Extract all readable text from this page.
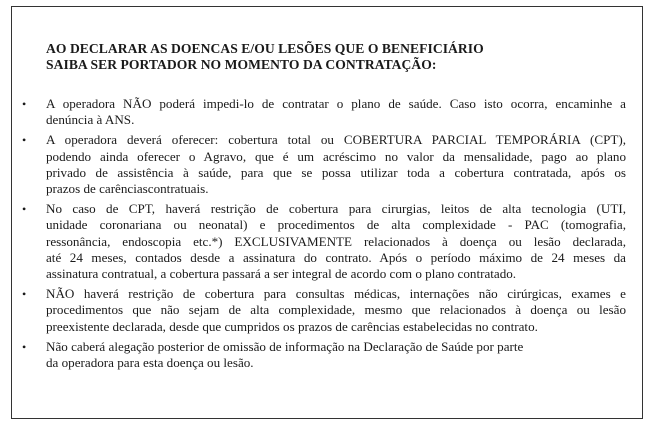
AO DECLARAR AS DOENCAS E/OU LESÕES QUE O BENEFICIÁRIO
SAIBA SER PORTADOR NO MOMENTO DA CONTRATAÇÃO:
• A operadora NÃO poderá impedi-lo de contratar o plano de saúde. Caso isto ocorra, encaminhe a
denúncia à ANS.
• A operadora deverá oferecer: cobertura total ou COBERTURA PARCIAL TEMPORÁRIA (CPT),
podendo ainda oferecer o Agravo, que é um acréscimo no valor da mensalidade, pago ao plano
privado de assistência à saúde, para que se possa utilizar toda a cobertura contratada, após os
prazos de carênciascontratuais.
• No caso de CPT, haverá restrição de cobertura para cirurgias, leitos de alta tecnologia (UTI,
unidade coronariana ou neonatal) e procedimentos de alta complexidade - PAC (tomografia,
ressonância, endoscopia etc.*) EXCLUSIVAMENTE relacionados à doença ou lesão declarada,
até 24 meses, contados desde a assinatura do contrato. Após o período máximo de 24 meses da
assinatura contratual, a cobertura passará a ser integral de acordo com o plano contratado.
• NÃO haverá restrição de cobertura para consultas médicas, internações não cirúrgicas, exames e
procedimentos que não sejam de alta complexidade, mesmo que relacionados à doença ou lesão
preexistente declarada, desde que cumpridos os prazos de carências estabelecidas no contrato.
• Não caberá alegação posterior de omissão de informação na Declaração de Saúde por parte
da operadora para esta doença ou lesão.
